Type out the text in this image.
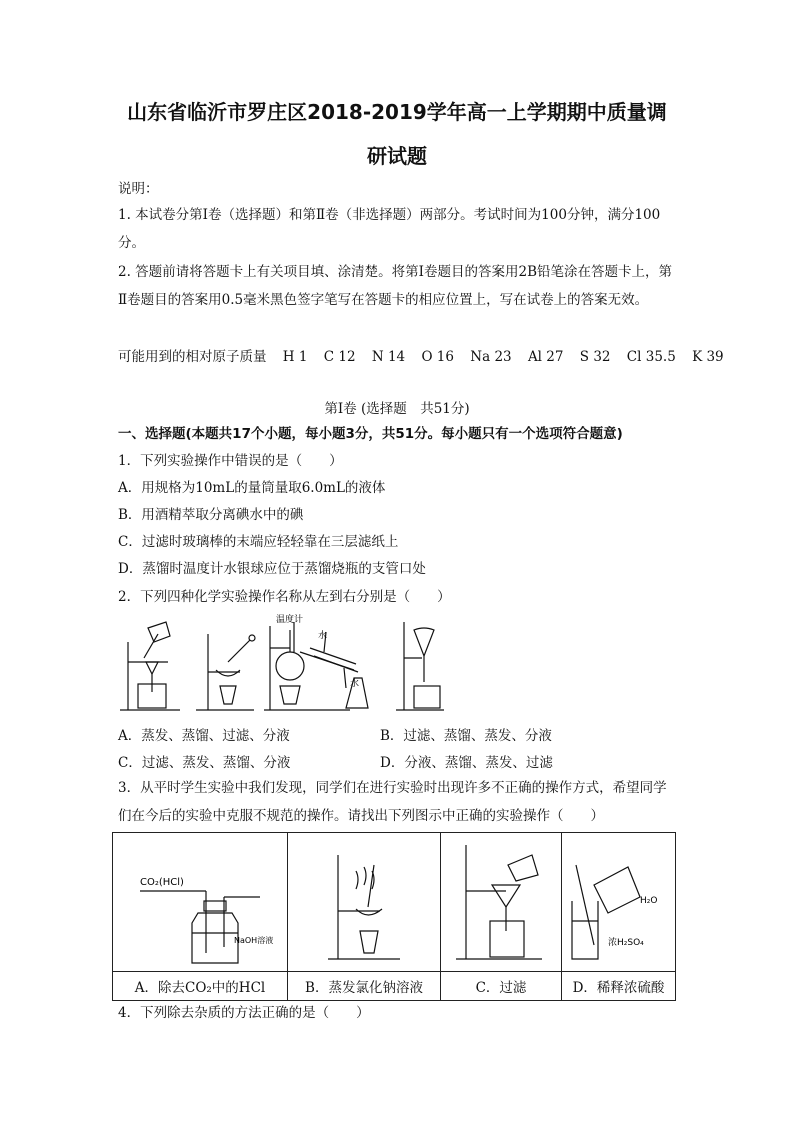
山东省临沂市罗庄区2018-2019学年高一上学期期中质量调
研试题
说明：
1. 本试卷分第Ⅰ卷（选择题）和第Ⅱ卷（非选择题）两部分。考试时间为100分钟，满分100分。
2. 答题前请将答题卡上有关项目填、涂清楚。将第Ⅰ卷题目的答案用2B铅笔涂在答题卡上，第Ⅱ卷题目的答案用0.5毫米黑色签字笔写在答题卡的相应位置上，写在试卷上的答案无效。
可能用到的相对原子质量 H 1 C 12 N 14 O 16 Na 23 Al 27 S 32 Cl 35.5 K 39
第Ⅰ卷 (选择题　共51分)
一、选择题(本题共17个小题，每小题3分，共51分。每小题只有一个选项符合题意)
1．下列实验操作中错误的是（　　）
A．用规格为10mL的量筒量取6.0mL的液体
B．用酒精萃取分离碘水中的碘
C．过滤时玻璃棒的末端应轻轻靠在三层滤纸上
D．蒸馏时温度计水银球应位于蒸馏烧瓶的支管口处
2．下列四种化学实验操作名称从左到右分别是（　　）
温度计
水
水
A．蒸发、蒸馏、过滤、分液	B．过滤、蒸馏、蒸发、分液
C．过滤、蒸发、蒸馏、分液	D．分液、蒸馏、蒸发、过滤
3．从平时学生实验中我们发现，同学们在进行实验时出现许多不正确的操作方式，希望同学们在今后的实验中克服不规范的操作。请找出下列图示中正确的实验操作（　　）
CO₂(HCl)
NaOH溶液			H₂O
浓H₂SO₄

A．除去CO₂中的HCl	B．蒸发氯化钠溶液	C．过滤	D．稀释浓硫酸
4．下列除去杂质的方法正确的是（　　）
